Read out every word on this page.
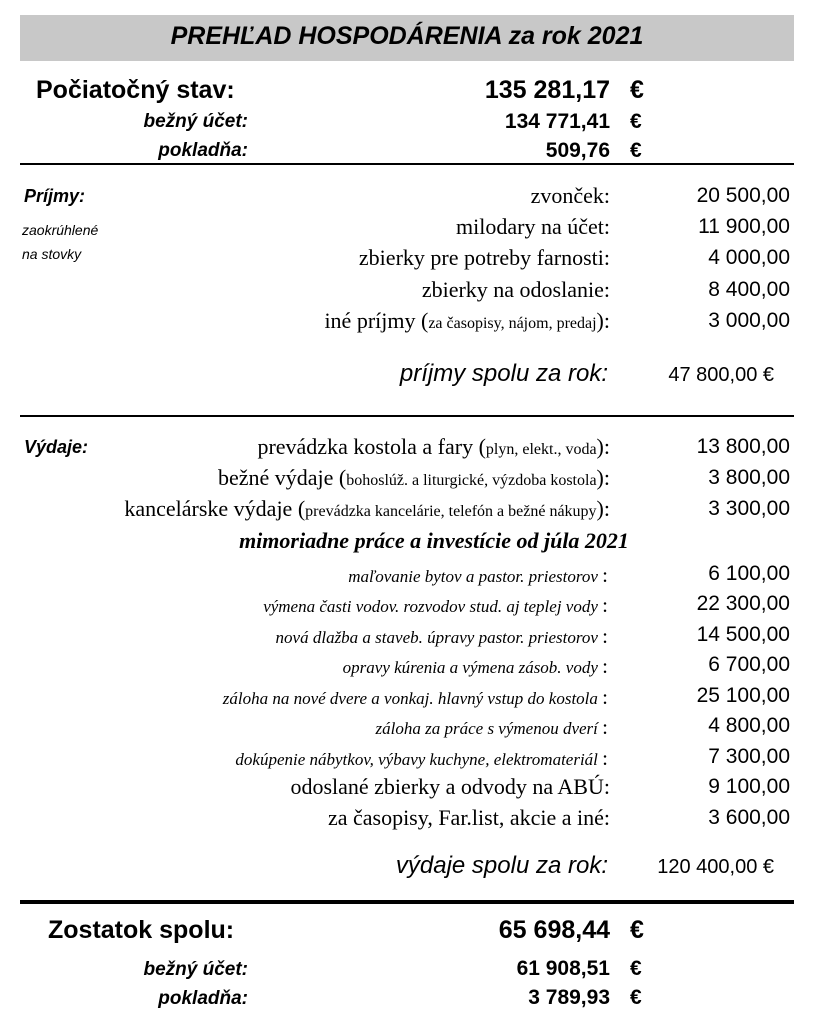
PREHĽAD HOSPODÁRENIA za rok 2021
Počiatočný stav:	135 281,17 €
bežný účet:	134 771,41 €
pokladňa:	509,76 €
Príjmy:
zaokrúhlené
na stovky
zvonček:	20 500,00
milodary na účet:	11 900,00
zbierky pre potreby farnosti:	4 000,00
zbierky na odoslanie:	8 400,00
iné príjmy (za časopisy, nájom, predaj):	3 000,00
príjmy spolu za rok:	47 800,00 €
Výdaje:	prevádzka kostola a fary (plyn, elekt., voda):	13 800,00
bežné výdaje (bohoslúž. a liturgické, výzdoba kostola):	3 800,00
kancelárske výdaje (prevádzka kancelárie, telefón a bežné nákupy):	3 300,00
mimoriadne práce a investície od júla 2021
maľovanie bytov a pastor. priestorov :	6 100,00
výmena časti vodov. rozvodov stud. aj teplej vody :	22 300,00
nová dlažba a staveb. úpravy pastor. priestorov :	14 500,00
opravy kúrenia a výmena zásob. vody :	6 700,00
záloha na nové dvere a vonkaj. hlavný vstup do kostola :	25 100,00
záloha za práce s výmenou dverí :	4 800,00
dokúpenie nábytkov, výbavy kuchyne, elektromateriál :	7 300,00
odoslané zbierky a odvody na ABÚ:	9 100,00
za časopisy, Far.list, akcie a iné:	3 600,00
výdaje spolu za rok: 120 400,00 €
Zostatok spolu:	65 698,44 €
bežný účet:	61 908,51 €
pokladňa:	3 789,93 €
